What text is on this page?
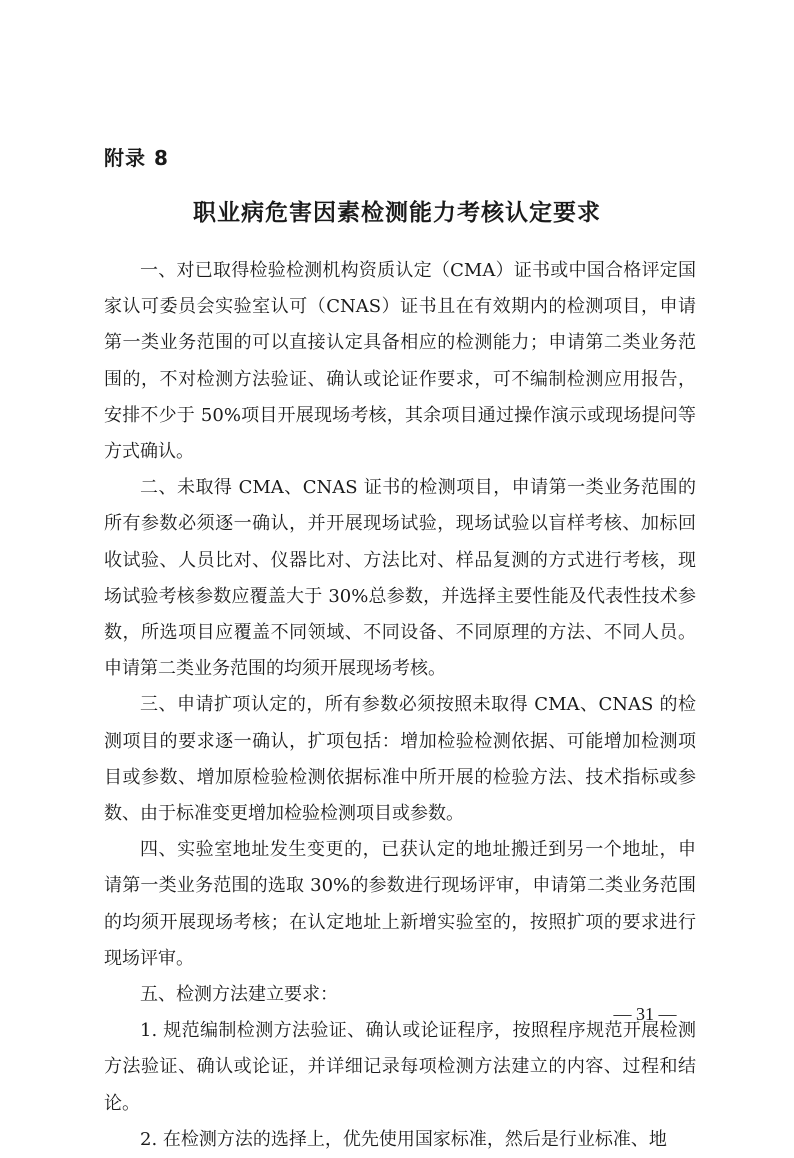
附录 8
职业病危害因素检测能力考核认定要求

一、对已取得检验检测机构资质认定（CMA）证书或中国合格评定国家认可委员会实验室认可（CNAS）证书且在有效期内的检测项目，申请第一类业务范围的可以直接认定具备相应的检测能力；申请第二类业务范围的，不对检测方法验证、确认或论证作要求，可不编制检测应用报告，安排不少于 50%项目开展现场考核，其余项目通过操作演示或现场提问等方式确认。

二、未取得 CMA、CNAS 证书的检测项目，申请第一类业务范围的所有参数必须逐一确认，并开展现场试验，现场试验以盲样考核、加标回收试验、人员比对、仪器比对、方法比对、样品复测的方式进行考核，现场试验考核参数应覆盖大于 30%总参数，并选择主要性能及代表性技术参数，所选项目应覆盖不同领域、不同设备、不同原理的方法、不同人员。申请第二类业务范围的均须开展现场考核。

三、申请扩项认定的，所有参数必须按照未取得 CMA、CNAS 的检测项目的要求逐一确认，扩项包括：增加检验检测依据、可能增加检测项目或参数、增加原检验检测依据标准中所开展的检验方法、技术指标或参数、由于标准变更增加检验检测项目或参数。

四、实验室地址发生变更的，已获认定的地址搬迁到另一个地址，申请第一类业务范围的选取 30%的参数进行现场评审，申请第二类业务范围的均须开展现场考核；在认定地址上新增实验室的，按照扩项的要求进行现场评审。

五、检测方法建立要求：

1. 规范编制检测方法验证、确认或论证程序，按照程序规范开展检测方法验证、确认或论证，并详细记录每项检测方法建立的内容、过程和结论。

2. 在检测方法的选择上，优先使用国家标准，然后是行业标准、地

— 31 —
